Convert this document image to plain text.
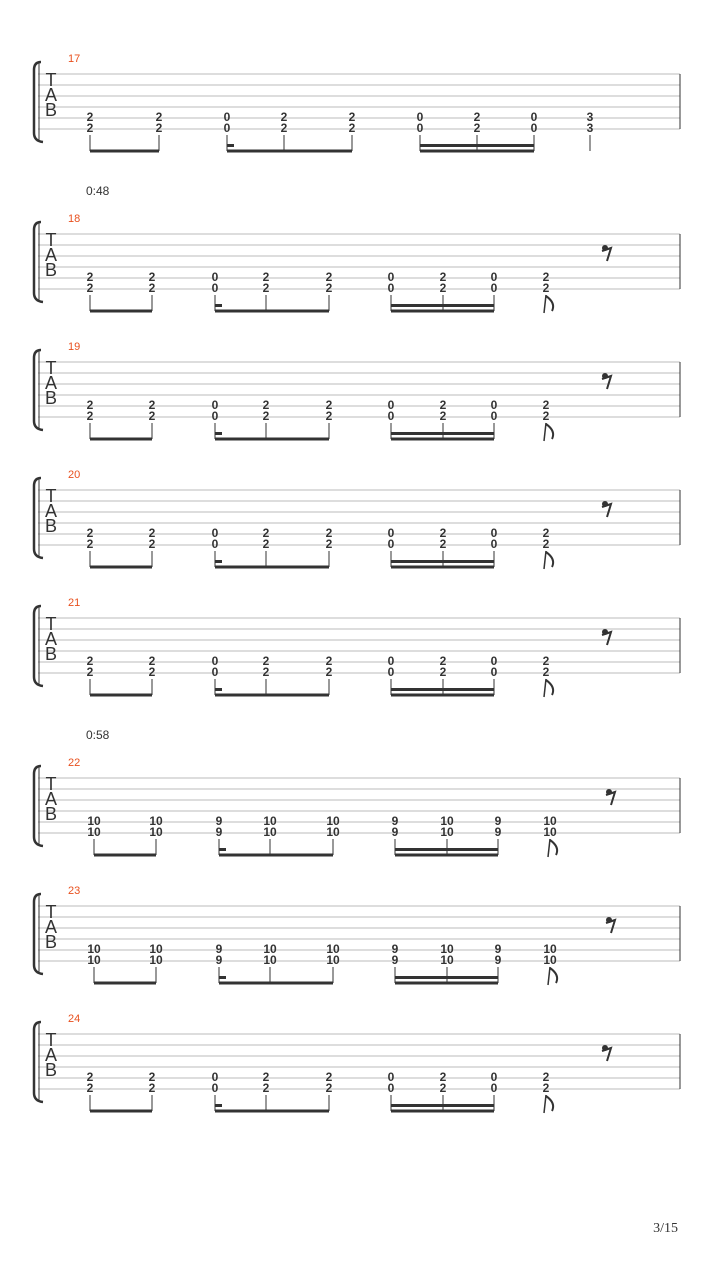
17
T
A
B 2
2
2
2
0
0
2
2
2
2
0
0
2
2
0
0
3
3
0:48
18
T
A
B 2
2
2
2
0
0
2
2
2
2
0
0
2
2
0
0
2
2
19
T
A
B 2
2
2
2
0
0
2
2
2
2
0
0
2
2
0
0
2
2
20
T
A
B 2
2
2
2
0
0
2
2
2
2
0
0
2
2
0
0
2
2
21
T
A
B 2
2
2
2
0
0
2
2
2
2
0
0
2
2
0
0
2
2
0:58
22
T
A
B	10
10
10
10
9
9
10
10
10
10
9
9
10
10
9
9
10
10
23
T
A
B	10
10
10
10
9
9
10
10
10
10
9
9
10
10
9
9
10
10
24
T
A
B 2
2
2
2
0
0
2
2
2
2
0
0
2
2
0
0
2
2
3/15
